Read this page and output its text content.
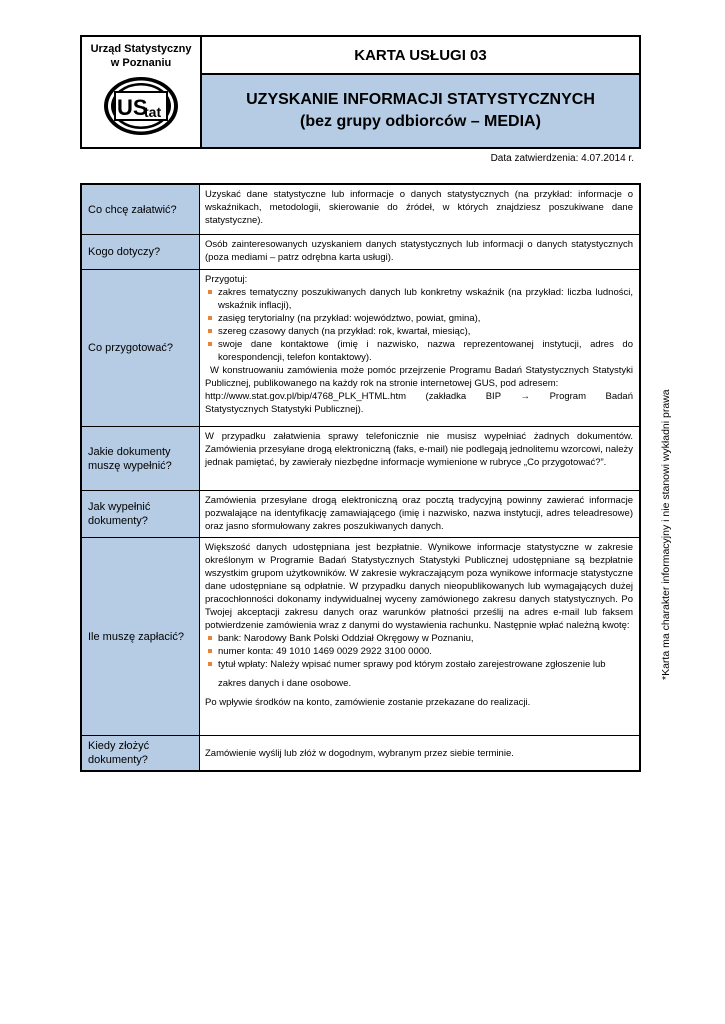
Urząd Statystyczny
w Poznaniu
US
tat
KARTA USŁUGI 03
UZYSKANIE INFORMACJI STATYSTYCZNYCH
(bez grupy odbiorców – MEDIA)
Data zatwierdzenia: 4.07.2014 r.
Co chcę załatwić?

Uzyskać dane statystyczne lub informacje o danych statystycznych (na przykład: informacje o wskaźnikach, metodologii, skierowanie do źródeł, w których znajdziesz poszukiwane dane statystyczne).

Kogo dotyczy?

Osób zainteresowanych uzyskaniem danych statystycznych lub informacji o danych statystycznych (poza mediami – patrz odrębna karta usługi).

Co przygotować?

Przygotuj:

zakres tematyczny poszukiwanych danych lub konkretny wskaźnik (na przykład: liczba ludności, wskaźnik inflacji),
zasięg terytorialny (na przykład: województwo, powiat, gmina),
szereg czasowy danych (na przykład: rok, kwartał, miesiąc),
swoje dane kontaktowe (imię i nazwisko, nazwa reprezentowanej instytucji, adres do korespondencji, telefon kontaktowy).

W konstruowaniu zamówienia może pomóc przejrzenie Programu Badań Statystycznych Statystyki Publicznej, publikowanego na każdy rok na stronie internetowej GUS, pod adresem:

http://www.stat.gov.pl/bip/4768_PLK_HTML.htm (zakładka BIP → Program Badań

Statystycznych Statystyki Publicznej).

Jakie dokumenty muszę wypełnić?

W przypadku załatwienia sprawy telefonicznie nie musisz wypełniać żadnych dokumentów. Zamówienia przesyłane drogą elektroniczną (faks, e-mail) nie podlegają jednolitemu wzorcowi, należy jednak pamiętać, by zawierały niezbędne informacje wymienione w rubryce „Co przygotować?”.

Jak wypełnić dokumenty?

Zamówienia przesyłane drogą elektroniczną oraz pocztą tradycyjną powinny zawierać informacje pozwalające na identyfikację zamawiającego (imię i nazwisko, nazwa instytucji, adres teleadresowe) oraz jasno sformułowany zakres poszukiwanych danych.

Ile muszę zapłacić?

Większość danych udostępniana jest bezpłatnie. Wynikowe informacje statystyczne w zakresie określonym w Programie Badań Statystycznych Statystyki Publicznej udostępniane są bezpłatnie wszystkim grupom użytkowników. W zakresie wykraczającym poza wynikowe informacje statystyczne dane udostępniane są odpłatnie. W przypadku danych nieopublikowanych lub wymagających dużej pracochłonności dokonamy indywidualnej wyceny zamówionego zakresu danych statystycznych. Po Twojej akceptacji zakresu danych oraz warunków płatności prześlij na adres e-mail lub faksem potwierdzenie zamówienia wraz z danymi do wystawienia rachunku. Następnie wpłać należną kwotę:

bank: Narodowy Bank Polski Oddział Okręgowy w Poznaniu,
numer konta: 49 1010 1469 0029 2922 3100 0000.
tytuł wpłaty: Należy wpisać numer sprawy pod którym zostało zarejestrowane zgłoszenie lub

zakres danych i dane osobowe.

Po wpływie środków na konto, zamówienie zostanie przekazane do realizacji.

Kiedy złożyć dokumenty?

Zamówienie wyślij lub złóż w dogodnym, wybranym przez siebie terminie.

*Karta ma charakter informacyjny i nie stanowi wykładni prawa
